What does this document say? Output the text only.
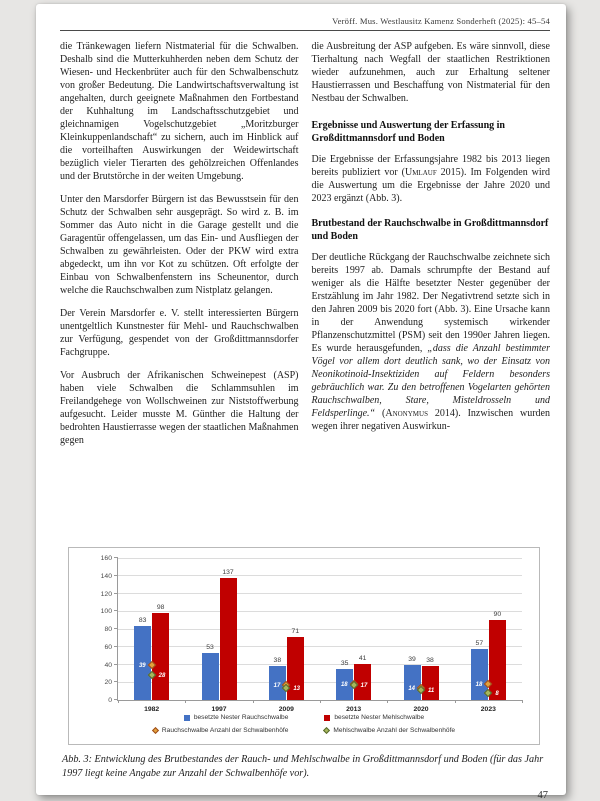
Veröff. Mus. Westlausitz Kamenz Sonderheft (2025): 45–54

die Tränkewagen liefern Nistmaterial für die Schwalben. Deshalb sind die Mutterkuhherden neben dem Schutz der Wiesen- und Heckenbrüter auch für den Schwalbenschutz von großer Bedeutung. Die Landwirtschaftsverwaltung ist angehalten, durch geeignete Maßnahmen den Fortbestand der Kuhhaltung im Landschaftsschutzgebiet und gleichnamigen Vogelschutzgebiet „Moritzburger Kleinkuppenlandschaft“ zu sichern, auch im Hinblick auf die vorteilhaften Auswirkungen der Weidewirtschaft bezüglich vieler Tierarten des gehölzreichen Offenlandes und der Brutstörche in der weiten Umgebung.

Unter den Marsdorfer Bürgern ist das Bewusstsein für den Schutz der Schwalben sehr ausgeprägt. So wird z. B. im Sommer das Auto nicht in die Garage gestellt und die Garagentür offengelassen, um das Ein- und Ausfliegen der Schwalben zu gewährleisten. Oder der PKW wird extra abgedeckt, um ihn vor Kot zu schützen. Oft erfolgte der Einbau von Schwalbenfenstern ins Scheunentor, durch welche die Rauchschwalben zum Nistplatz gelangen.

Der Verein Marsdorfer e. V. stellt interessierten Bürgern unentgeltlich Kunstnester für Mehl- und Rauchschwalben zur Verfügung, gespendet von der Großdittmannsdorfer Fachgruppe.

Vor Ausbruch der Afrikanischen Schweinepest (ASP) haben viele Schwalben die Schlammsuhlen im Freilandgehege von Wollschweinen zur Niststoffwerbung aufgesucht. Leider musste M. Günther die Haltung der bedrohten Haustierrasse wegen der staatlichen Maßnahmen gegen

die Ausbreitung der ASP aufgeben. Es wäre sinnvoll, diese Tierhaltung nach Wegfall der staatlichen Restriktionen wieder aufzunehmen, auch zur Erhaltung seltener Haustierrassen und Beschaffung von Nistmaterial für den Nestbau der Schwalben.

Ergebnisse und Auswertung der Erfassung in Großdittmannsdorf und Boden

Die Ergebnisse der Erfassungsjahre 1982 bis 2013 liegen bereits publiziert vor (Umlauf 2015). Im Folgenden wird die Auswertung um die Ergebnisse der Jahre 2020 und 2023 ergänzt (Abb. 3).

Brutbestand der Rauchschwalbe in Großdittmannsdorf und Boden

Der deutliche Rückgang der Rauchschwalbe zeichnete sich bereits 1997 ab. Damals schrumpfte der Bestand auf weniger als die Hälfte besetzter Nester gegenüber der Erstzählung im Jahr 1982. Der Negativtrend setzte sich in den Jahren 2009 bis 2020 fort (Abb. 3). Eine Ursache kann in der Anwendung systemisch wirkender Pflanzenschutzmittel (PSM) seit den 1990er Jahren liegen. Es wurde herausgefunden, „dass die Anzahl bestimmter Vögel vor allem dort deutlich sank, wo der Einsatz von Neonikotinoid-Insektiziden auf Feldern besonders gebräuchlich war. Zu den betroffenen Vogelarten gehörten Rauchschwalben, Stare, Misteldrosseln und Feldsperlinge.“ (Anonymus 2014). Inzwischen wurden wegen ihrer negativen Auswirkun-

0
20
40
60
80
100
120
140
160
83
98
1982
53
137
1997
38
71
2009
35
41
2013
39	38
2020
57
90
2023
39
17	18
14
18
28
13
17
11	8
besetzte Nester Rauchschwalbe	besetzte Nester Mehlschwalbe
Rauchschwalbe Anzahl der Schwalbenhöfe	Mehlschwalbe Anzahl der Schwalbenhöfe
Abb. 3: Entwicklung des Brutbestandes der Rauch- und Mehlschwalbe in Großdittmannsdorf und Boden (für das Jahr 1997 liegt keine Angabe zur Anzahl der Schwalbenhöfe vor).
47
